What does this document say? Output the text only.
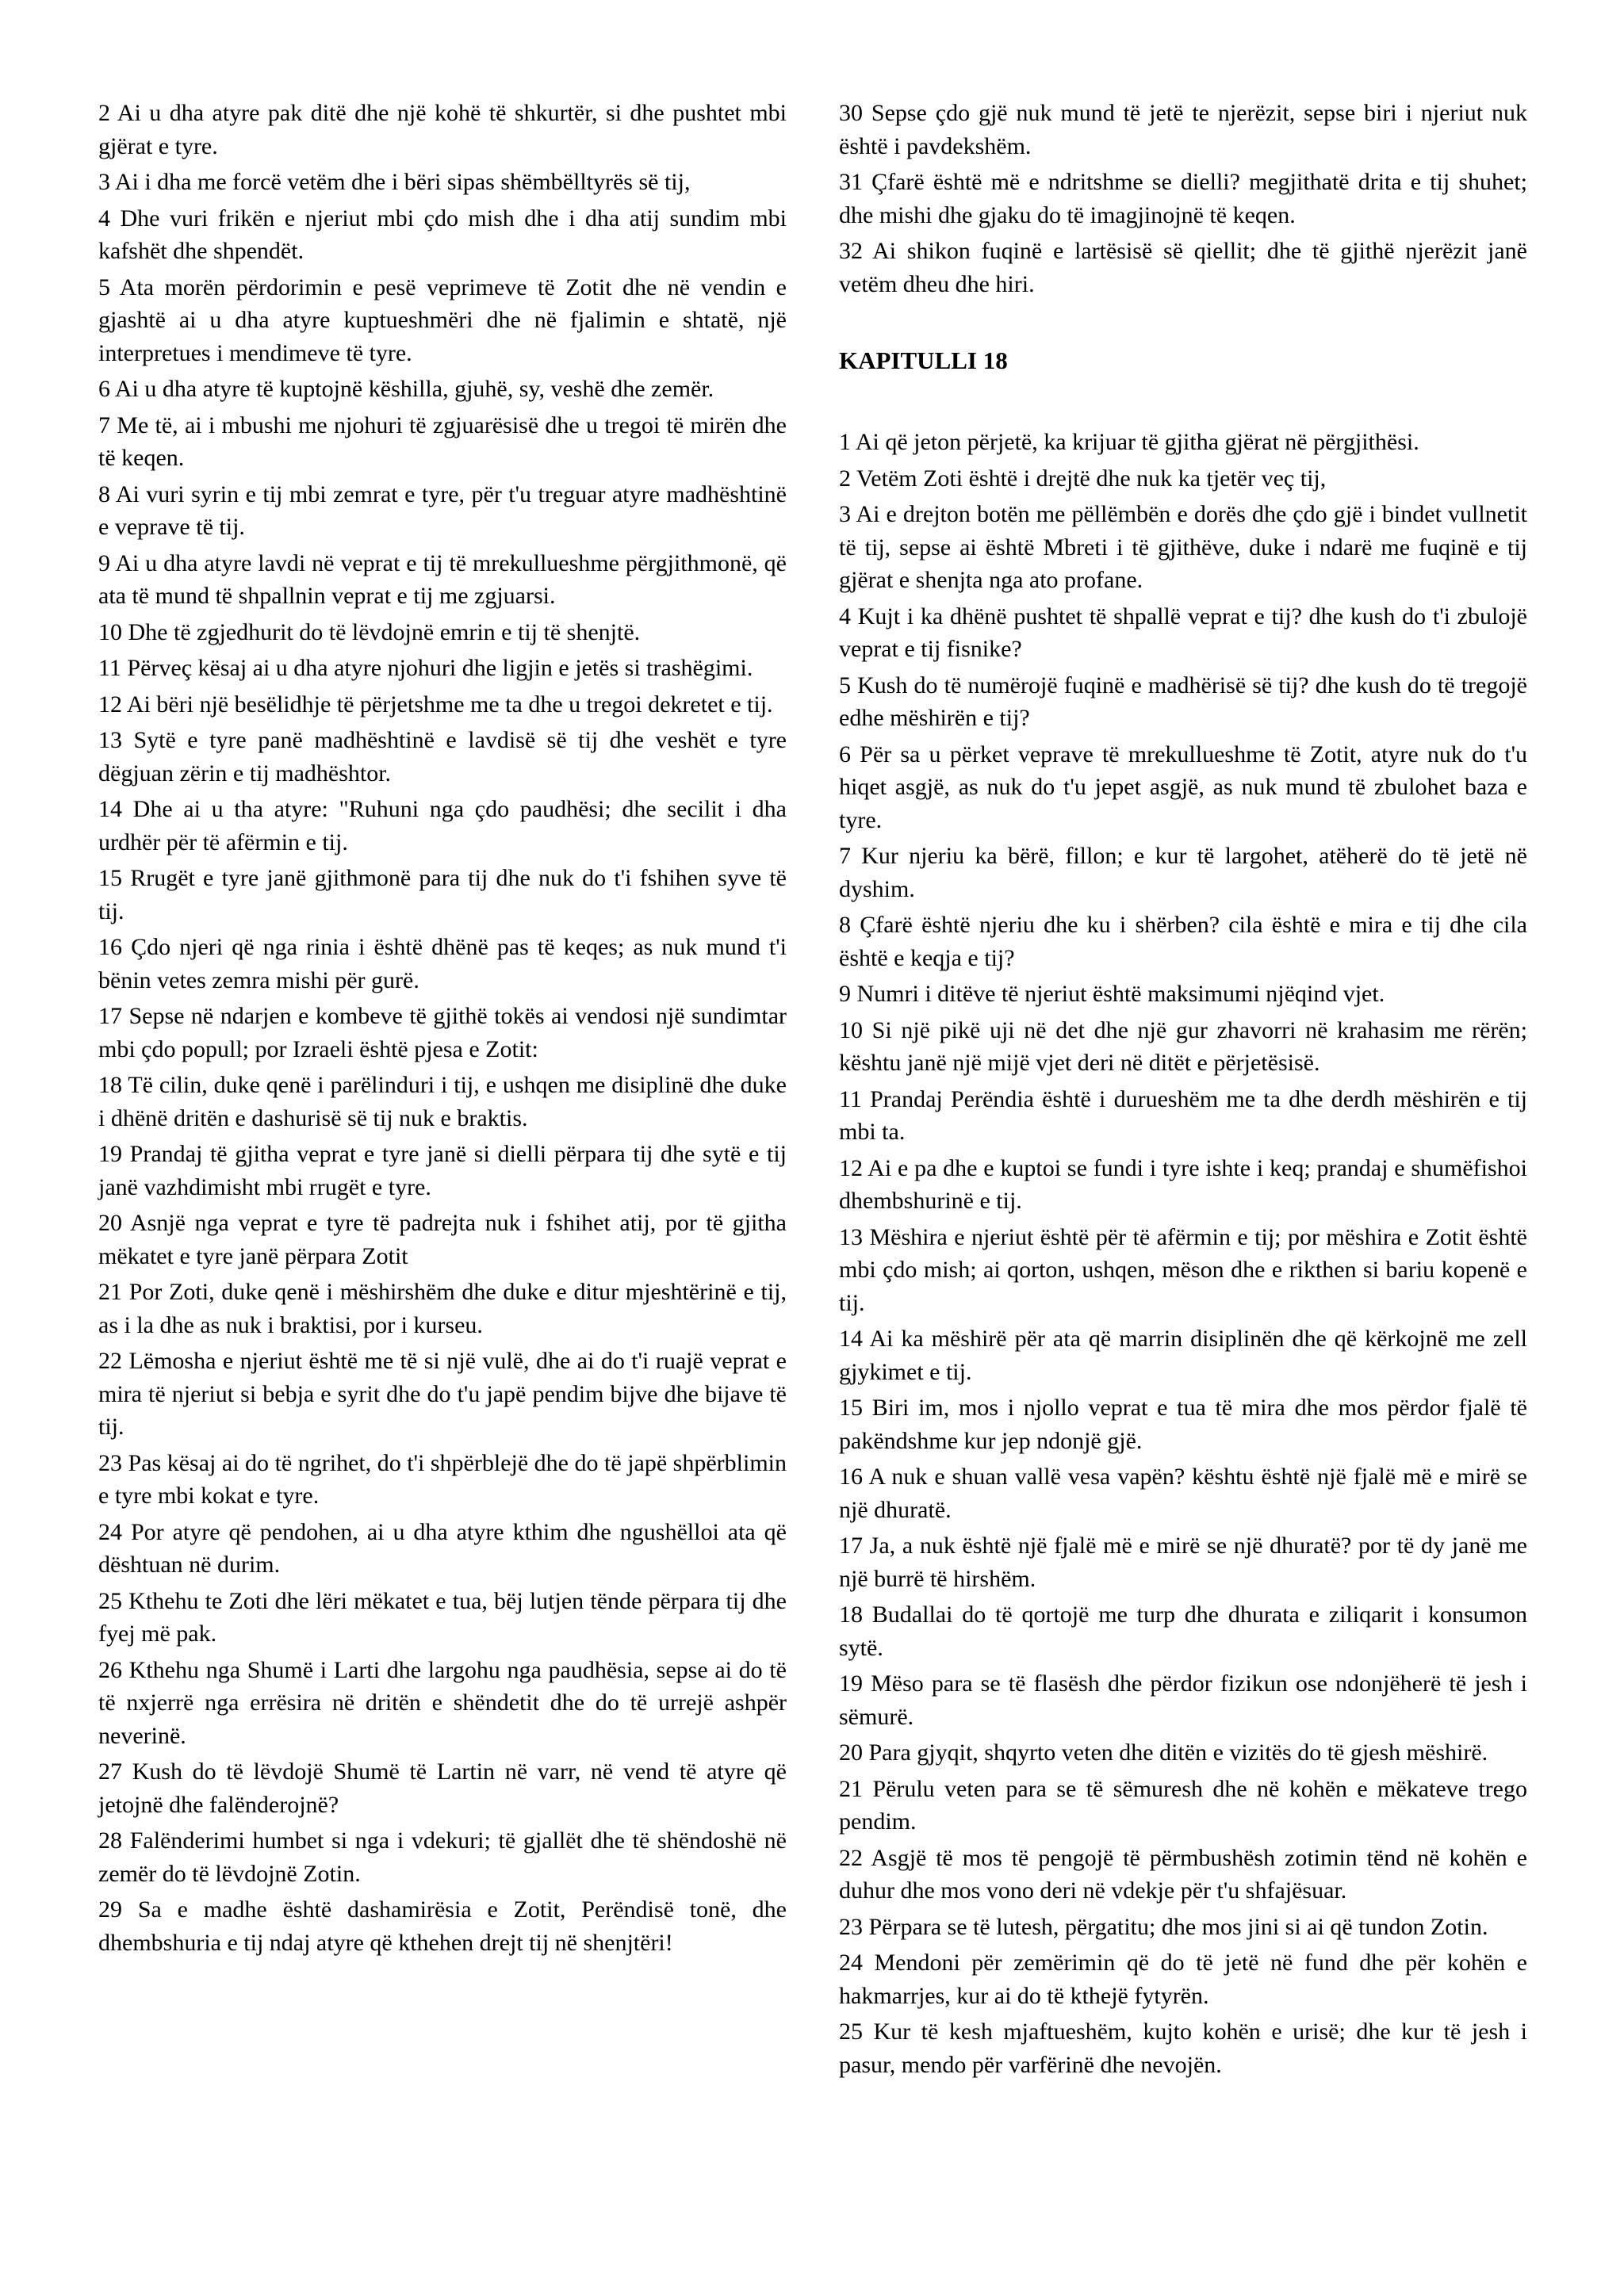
2 Ai u dha atyre pak ditë dhe një kohë të shkurtër, si dhe pushtet mbi gjërat e tyre.

3 Ai i dha me forcë vetëm dhe i bëri sipas shëmbëlltyrës së tij,

4 Dhe vuri frikën e njeriut mbi çdo mish dhe i dha atij sundim mbi kafshët dhe shpendët.

5 Ata morën përdorimin e pesë veprimeve të Zotit dhe në vendin e gjashtë ai u dha atyre kuptueshmëri dhe në fjalimin e shtatë, një interpretues i mendimeve të tyre.

6 Ai u dha atyre të kuptojnë këshilla, gjuhë, sy, veshë dhe zemër.

7 Me të, ai i mbushi me njohuri të zgjuarësisë dhe u tregoi të mirën dhe të keqen.

8 Ai vuri syrin e tij mbi zemrat e tyre, për t'u treguar atyre madhështinë e veprave të tij.

9 Ai u dha atyre lavdi në veprat e tij të mrekullueshme përgjithmonë, që ata të mund të shpallnin veprat e tij me zgjuarsi.

10 Dhe të zgjedhurit do të lëvdojnë emrin e tij të shenjtë.

11 Përveç kësaj ai u dha atyre njohuri dhe ligjin e jetës si trashëgimi.

12 Ai bëri një besëlidhje të përjetshme me ta dhe u tregoi dekretet e tij.

13 Sytë e tyre panë madhështinë e lavdisë së tij dhe veshët e tyre dëgjuan zërin e tij madhështor.

14 Dhe ai u tha atyre: "Ruhuni nga çdo paudhësi; dhe secilit i dha urdhër për të afërmin e tij.

15 Rrugët e tyre janë gjithmonë para tij dhe nuk do t'i fshihen syve të tij.

16 Çdo njeri që nga rinia i është dhënë pas të keqes; as nuk mund t'i bënin vetes zemra mishi për gurë.

17 Sepse në ndarjen e kombeve të gjithë tokës ai vendosi një sundimtar mbi çdo popull; por Izraeli është pjesa e Zotit:

18 Të cilin, duke qenë i parëlinduri i tij, e ushqen me disiplinë dhe duke i dhënë dritën e dashurisë së tij nuk e braktis.

19 Prandaj të gjitha veprat e tyre janë si dielli përpara tij dhe sytë e tij janë vazhdimisht mbi rrugët e tyre.

20 Asnjë nga veprat e tyre të padrejta nuk i fshihet atij, por të gjitha mëkatet e tyre janë përpara Zotit

21 Por Zoti, duke qenë i mëshirshëm dhe duke e ditur mjeshtërinë e tij, as i la dhe as nuk i braktisi, por i kurseu.

22 Lëmosha e njeriut është me të si një vulë, dhe ai do t'i ruajë veprat e mira të njeriut si bebja e syrit dhe do t'u japë pendim bijve dhe bijave të tij.

23 Pas kësaj ai do të ngrihet, do t'i shpërblejë dhe do të japë shpërblimin e tyre mbi kokat e tyre.

24 Por atyre që pendohen, ai u dha atyre kthim dhe ngushëlloi ata që dështuan në durim.

25 Kthehu te Zoti dhe lëri mëkatet e tua, bëj lutjen tënde përpara tij dhe fyej më pak.

26 Kthehu nga Shumë i Larti dhe largohu nga paudhësia, sepse ai do të të nxjerrë nga errësira në dritën e shëndetit dhe do të urrejë ashpër neverinë.

27 Kush do të lëvdojë Shumë të Lartin në varr, në vend të atyre që jetojnë dhe falënderojnë?

28 Falënderimi humbet si nga i vdekuri; të gjallët dhe të shëndoshë në zemër do të lëvdojnë Zotin.

29 Sa e madhe është dashamirësia e Zotit, Perëndisë tonë, dhe dhembshuria e tij ndaj atyre që kthehen drejt tij në shenjtëri!

30 Sepse çdo gjë nuk mund të jetë te njerëzit, sepse biri i njeriut nuk është i pavdekshëm.

31 Çfarë është më e ndritshme se dielli? megjithatë drita e tij shuhet; dhe mishi dhe gjaku do të imagjinojnë të keqen.

32 Ai shikon fuqinë e lartësisë së qiellit; dhe të gjithë njerëzit janë vetëm dheu dhe hiri.

KAPITULLI 18

1 Ai që jeton përjetë, ka krijuar të gjitha gjërat në përgjithësi.

2 Vetëm Zoti është i drejtë dhe nuk ka tjetër veç tij,

3 Ai e drejton botën me pëllëmbën e dorës dhe çdo gjë i bindet vullnetit të tij, sepse ai është Mbreti i të gjithëve, duke i ndarë me fuqinë e tij gjërat e shenjta nga ato profane.

4 Kujt i ka dhënë pushtet të shpallë veprat e tij? dhe kush do t'i zbulojë veprat e tij fisnike?

5 Kush do të numërojë fuqinë e madhërisë së tij? dhe kush do të tregojë edhe mëshirën e tij?

6 Për sa u përket veprave të mrekullueshme të Zotit, atyre nuk do t'u hiqet asgjë, as nuk do t'u jepet asgjë, as nuk mund të zbulohet baza e tyre.

7 Kur njeriu ka bërë, fillon; e kur të largohet, atëherë do të jetë në dyshim.

8 Çfarë është njeriu dhe ku i shërben? cila është e mira e tij dhe cila është e keqja e tij?

9 Numri i ditëve të njeriut është maksimumi njëqind vjet.

10 Si një pikë uji në det dhe një gur zhavorri në krahasim me rërën; kështu janë një mijë vjet deri në ditët e përjetësisë.

11 Prandaj Perëndia është i durueshëm me ta dhe derdh mëshirën e tij mbi ta.

12 Ai e pa dhe e kuptoi se fundi i tyre ishte i keq; prandaj e shumëfishoi dhembshurinë e tij.

13 Mëshira e njeriut është për të afërmin e tij; por mëshira e Zotit është mbi çdo mish; ai qorton, ushqen, mëson dhe e rikthen si bariu kopenë e tij.

14 Ai ka mëshirë për ata që marrin disiplinën dhe që kërkojnë me zell gjykimet e tij.

15 Biri im, mos i njollo veprat e tua të mira dhe mos përdor fjalë të pakëndshme kur jep ndonjë gjë.

16 A nuk e shuan vallë vesa vapën? kështu është një fjalë më e mirë se një dhuratë.

17 Ja, a nuk është një fjalë më e mirë se një dhuratë? por të dy janë me një burrë të hirshëm.

18 Budallai do të qortojë me turp dhe dhurata e ziliqarit i konsumon sytë.

19 Mëso para se të flasësh dhe përdor fizikun ose ndonjëherë të jesh i sëmurë.

20 Para gjyqit, shqyrto veten dhe ditën e vizitës do të gjesh mëshirë.

21 Përulu veten para se të sëmuresh dhe në kohën e mëkateve trego pendim.

22 Asgjë të mos të pengojë të përmbushësh zotimin tënd në kohën e duhur dhe mos vono deri në vdekje për t'u shfajësuar.

23 Përpara se të lutesh, përgatitu; dhe mos jini si ai që tundon Zotin.

24 Mendoni për zemërimin që do të jetë në fund dhe për kohën e hakmarrjes, kur ai do të kthejë fytyrën.

25 Kur të kesh mjaftueshëm, kujto kohën e urisë; dhe kur të jesh i pasur, mendo për varfërinë dhe nevojën.
